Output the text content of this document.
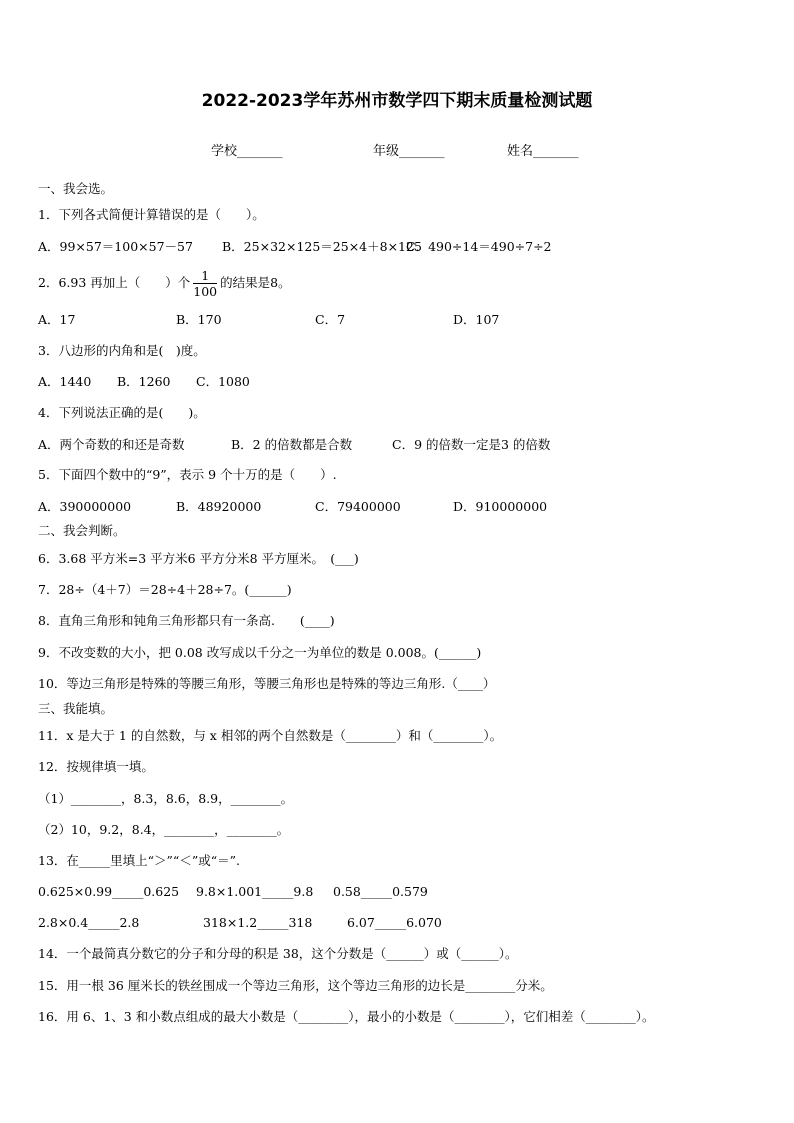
2022-2023学年苏州市数学四下期末质量检测试题
学校_______	年级_______	姓名_______
一、我会选。
1．下列各式简便计算错误的是（　　）。
A．99×57＝100×57－57 B．25×32×125＝25×4＋8×125
C．490÷14＝490÷7÷2
2．6.93 再加上（　　）个 $\frac{1}{100}$ 的结果是8。
A．17	B．170	C．7	D．107
3．八边形的内角和是(　)度。
A．1440 B．1260 C．1080
4．下列说法正确的是(　　)。
A．两个奇数的和还是奇数	B．2 的倍数都是合数	C．9 的倍数一定是3 的倍数
5．下面四个数中的“9”，表示 9 个十万的是（　　）.
A．390000000	B．48920000	C．79400000	D．910000000
二、我会判断。
6．3.68 平方米=3 平方米6 平方分米8 平方厘米。　(___)
7．28÷（4＋7）＝28÷4＋28÷7。(______)
8．直角三角形和钝角三角形都只有一条高.　　(____)
9．不改变数的大小，把 0.08 改写成以千分之一为单位的数是 0.008。(______)
10．等边三角形是特殊的等腰三角形，等腰三角形也是特殊的等边三角形.（____）
三、我能填。
11．x 是大于 1 的自然数，与 x 相邻的两个自然数是（________）和（________）。
12．按规律填一填。
（1）________，8.3，8.6，8.9，________。
（2）10，9.2，8.4，________，________。
13．在_____里填上“＞”“＜”或“＝”.
0.625×0.99_____0.625 9.8×1.001_____9.8 0.58_____0.579
2.8×0.4_____2.8	318×1.2_____318	6.07_____6.070
14．一个最简真分数它的分子和分母的积是 38，这个分数是（______）或（______）。
15．用一根 36 厘米长的铁丝围成一个等边三角形，这个等边三角形的边长是________分米。
16．用 6、1、3 和小数点组成的最大小数是（________），最小的小数是（________），它们相差（________）。
